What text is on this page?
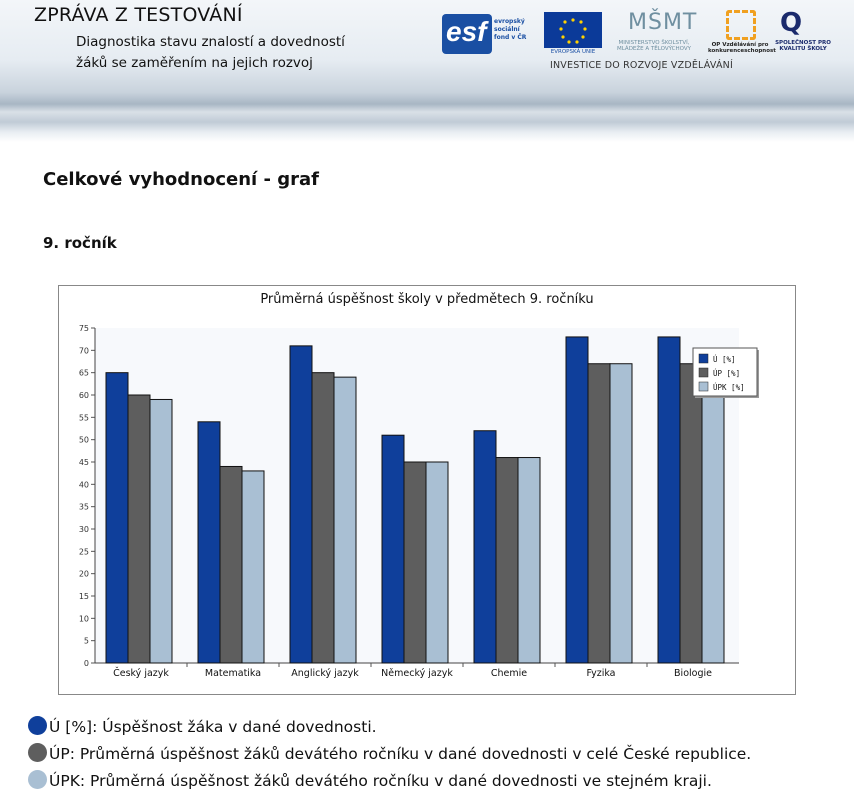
ZPRÁVA Z TESTOVÁNÍ
Diagnostika stavu znalostí a dovedností
žáků se zaměřením na jejich rozvoj
esf evropský sociální fond v ČR
EVROPSKÁ UNIE
MŠMT
MINISTERSTVO ŠKOLSTVÍ, MLÁDEŽE A TĚLOVÝCHOVY
OP Vzdělávání pro konkurenceschopnost
Q
SPOLEČNOST PRO KVALITU ŠKOLY
INVESTICE DO ROZVOJE VZDĚLÁVÁNÍ
Celkové vyhodnocení - graf
9. ročník
Průměrná úspěšnost školy v předmětech 9. ročníku
0
5
10
15
20
25
30
35
40
45
50
55
60
65
70
75
Český jazyk	Matematika	Anglický jazyk Německý jazyk	Chemie	Fyzika	Biologie
Ú [%]
ÚP [%]
ÚPK [%]
Ú [%]: Úspěšnost žáka v dané dovednosti.
ÚP: Průměrná úspěšnost žáků devátého ročníku v dané dovednosti v celé České republice.
ÚPK: Průměrná úspěšnost žáků devátého ročníku v dané dovednosti ve stejném kraji.
